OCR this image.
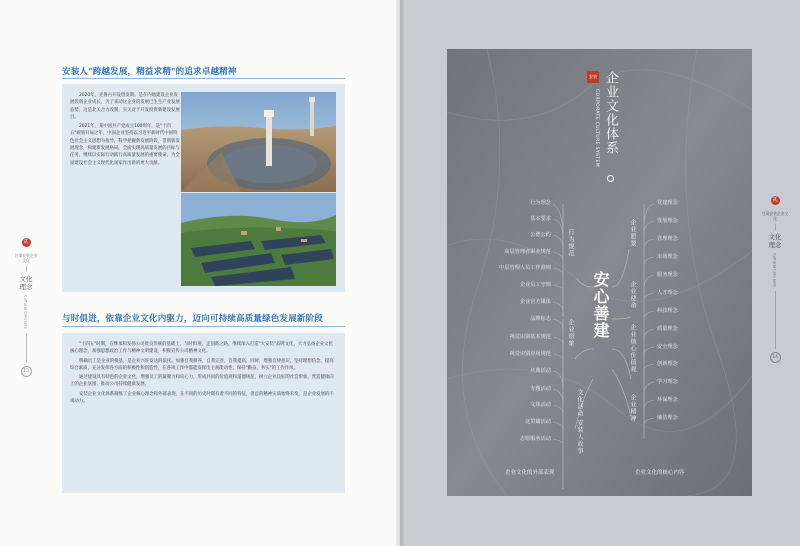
贰
甘肃安装企业文化
文化理念
Cultural Concepts
13
安装人"跨越发展，精益求精"的追求卓越精神

2020年，克鲁古开设创发期。是在内地建设企业发展投资企业成长，为了来动这企业的发展已生生产业发展态势。这是北关合力改制，实关对于开发投资新建设发展目。

2021年，某中国共产党成立100周年，是"十四五"规划开局之年，中国企业坚持以习近平新时代中国特色社会主义思想为指导，科学把握新发展阶段，贯彻新发展理念，构建新发展格局，全面实现高质量发展的目标与任务，继续以实际行动践行高质量发展的重要使命，为全面建设社会主义现代化国家作出新的更大贡献。

与时俱进，依靠企业文化内驱力，迈向可持续高质量绿色发展新阶段

"十四五"时期，在继承和发扬公司优良传统的基础上，与时俱进，走创新之路，继续深入打造"大安装"品牌文化，大力弘扬企业文化核心理念，加强思想政治工作与精神文明建设，积极宣传公司精神文化。

明确员工是企业的根基，是企业兴旺发达的依托。加强自我修养，自我完善，自我提高，同时，增强自律意识，坚持理想信念，提高综合素质，充分发挥各方面的积极性和创造性，在各项工作中都能发挥出主观能动性，保持"勤奋、务实"的工作作风。

通过建设具有特色的企业文化，增强员工的凝聚力和向心力，形成共同的价值观和道德规范，树立企业良好的社会形象，营造健康向上的企业氛围，推动公司持续健康发展。

安装企业文化体系凝练了企业核心理念和外部表现，在不同的历史时期有着不同的特征，但总的精神实质始终未变，是企业发展的不竭动力。

贰
甘肃安装企业文化
文化理念
Cultural Concepts
14
安装 企业文化体系
CORPORATE CULTURE SYSTEM
安心善建
行为规范
企业形象
文化活动 安装人故事
行为理念
基本要求
公德公约
高层管理者职业规范
中层管理人员工作准则
企业员工守则
企业官方媒体
品牌标志
视觉识别基本规范
视觉识别应用规范
庆典活动
专题活动
文体活动
这里耀活动
志愿服务活动
企业愿景
企业使命
企业核心价值观
企业精神
党建理念
发展理念
管理理念
市场理念
服务理念
人才理念
科技理念
质量理念
安全理念
创新理念
学习理念
环保理念
廉洁理念
企业文化的外部表现	企业文化的核心内容
